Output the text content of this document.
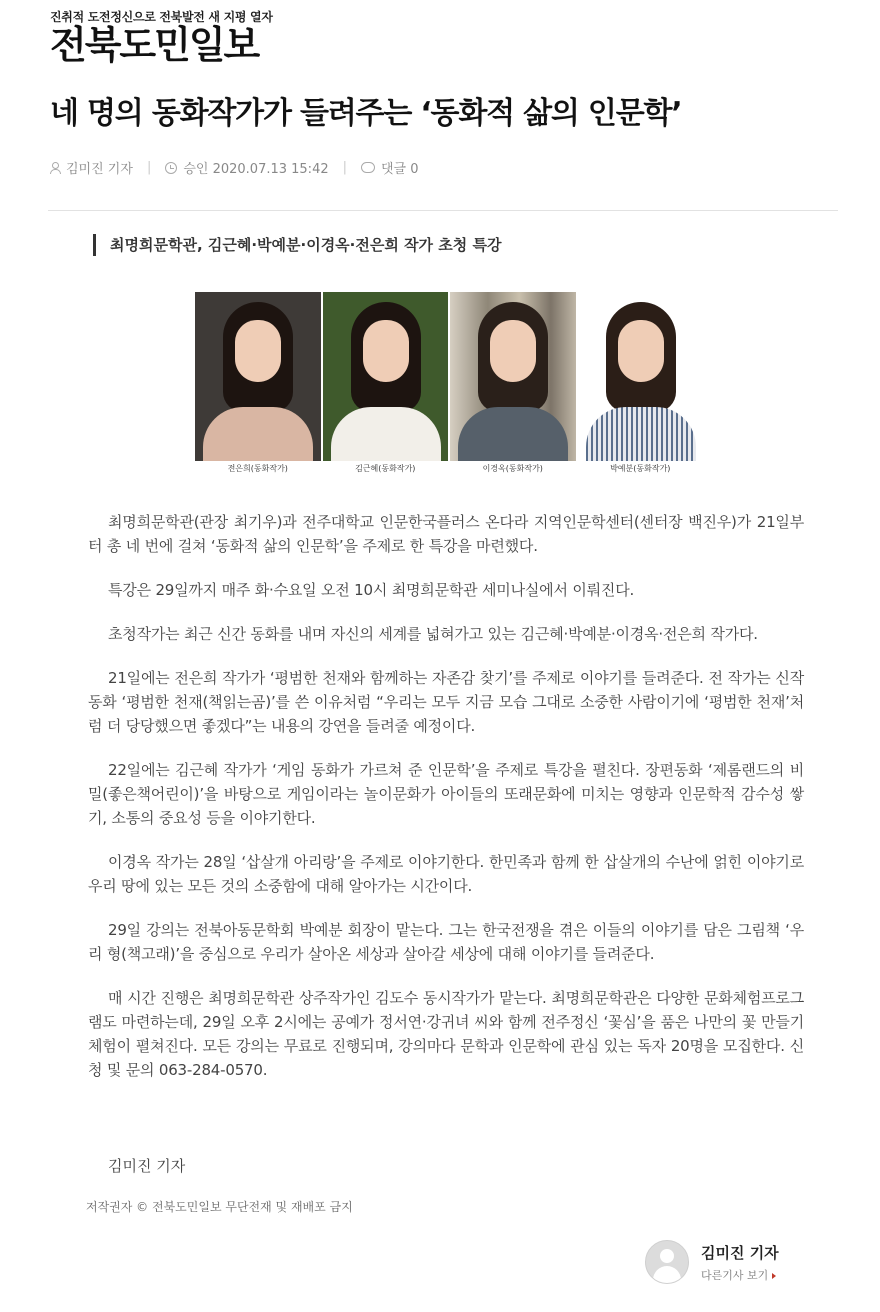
진취적 도전정신으로 전북발전 새 지평 열자
전북도민일보
네 명의 동화작가가 들려주는 ‘동화적 삶의 인문학’
김미진 기자 | 승인 2020.07.13 15:42 |	댓글 0
최명희문학관, 김근혜·박예분·이경옥·전은희 작가 초청 특강
전은희(동화작가)	김근혜(동화작가)	이경옥(동화작가)	박예분(동화작가)

최명희문학관(관장 최기우)과 전주대학교 인문한국플러스 온다라 지역인문학센터(센터장 백진우)가 21일부터 총 네 번에 걸쳐 ‘동화적 삶의 인문학’을 주제로 한 특강을 마련했다.

특강은 29일까지 매주 화·수요일 오전 10시 최명희문학관 세미나실에서 이뤄진다.

초청작가는 최근 신간 동화를 내며 자신의 세계를 넓혀가고 있는 김근혜·박예분·이경옥·전은희 작가다.

21일에는 전은희 작가가 ‘평범한 천재와 함께하는 자존감 찾기’를 주제로 이야기를 들려준다. 전 작가는 신작 동화 ‘평범한 천재(책읽는곰)’를 쓴 이유처럼 “우리는 모두 지금 모습 그대로 소중한 사람이기에 ‘평범한 천재’처럼 더 당당했으면 좋겠다”는 내용의 강연을 들려줄 예정이다.

22일에는 김근혜 작가가 ‘게임 동화가 가르쳐 준 인문학’을 주제로 특강을 펼친다. 장편동화 ‘제롬랜드의 비밀(좋은책어린이)’을 바탕으로 게임이라는 놀이문화가 아이들의 또래문화에 미치는 영향과 인문학적 감수성 쌓기, 소통의 중요성 등을 이야기한다.

이경옥 작가는 28일 ‘삽살개 아리랑’을 주제로 이야기한다. 한민족과 함께 한 삽살개의 수난에 얽힌 이야기로 우리 땅에 있는 모든 것의 소중함에 대해 알아가는 시간이다.

29일 강의는 전북아동문학회 박예분 회장이 맡는다. 그는 한국전쟁을 겪은 이들의 이야기를 담은 그림책 ‘우리 형(책고래)’을 중심으로 우리가 살아온 세상과 살아갈 세상에 대해 이야기를 들려준다.

매 시간 진행은 최명희문학관 상주작가인 김도수 동시작가가 맡는다. 최명희문학관은 다양한 문화체험프로그램도 마련하는데, 29일 오후 2시에는 공예가 정서연·강귀녀 씨와 함께 전주정신 ‘꽃심’을 품은 나만의 꽃 만들기 체험이 펼쳐진다. 모든 강의는 무료로 진행되며, 강의마다 문학과 인문학에 관심 있는 독자 20명을 모집한다. 신청 및 문의 063-284-0570.

김미진 기자
저작권자 © 전북도민일보 무단전재 및 재배포 금지
김미진 기자
다른기사 보기
